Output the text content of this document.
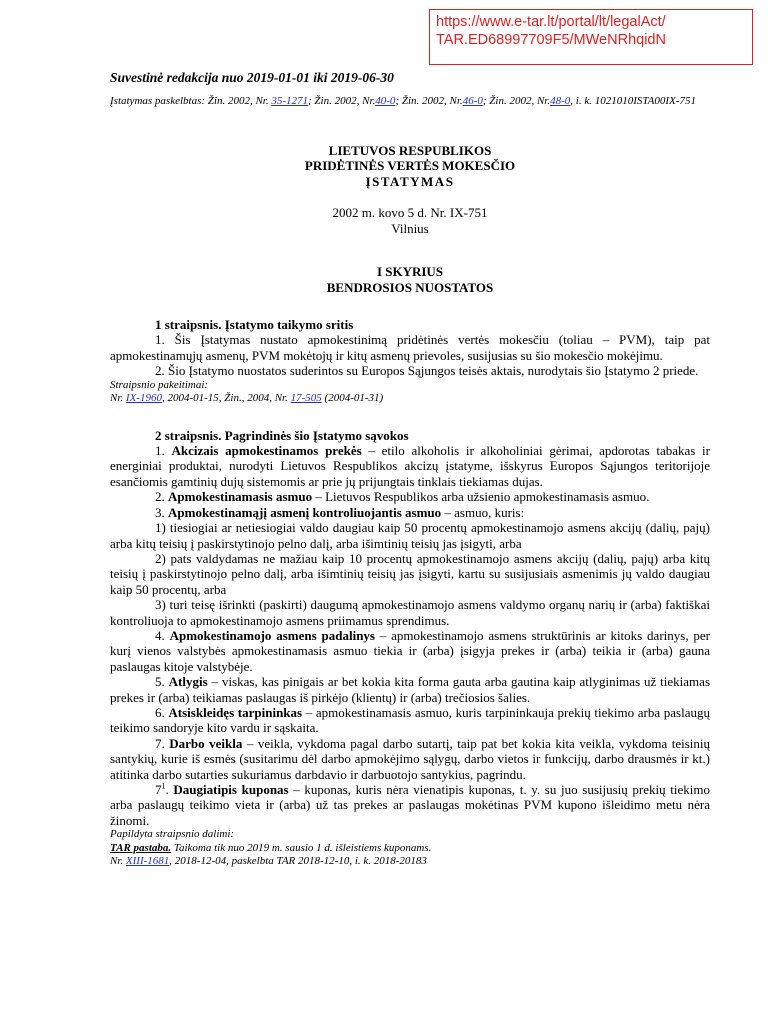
https://www.e-tar.lt/portal/lt/legalAct/
TAR.ED68997709F5/MWeNRhqidN

Suvestinė redakcija nuo 2019-01-01 iki 2019-06-30

Įstatymas paskelbtas: Žin. 2002, Nr. 35-1271; Žin. 2002, Nr.40-0; Žin. 2002, Nr.46-0; Žin. 2002, Nr.48-0, i. k. 1021010ISTA00IX-751

LIETUVOS RESPUBLIKOS
PRIDĖTINĖS VERTĖS MOKESČIO
ĮSTATYMAS
2002 m. kovo 5 d. Nr. IX-751
Vilnius
I SKYRIUS
BENDROSIOS NUOSTATOS
1 straipsnis. Įstatymo taikymo sritis

1. Šis Įstatymas nustato apmokestinimą pridėtinės vertės mokesčiu (toliau – PVM), taip pat apmokestinamųjų asmenų, PVM mokėtojų ir kitų asmenų prievoles, susijusias su šio mokesčio mokėjimu.

2. Šio Įstatymo nuostatos suderintos su Europos Sąjungos teisės aktais, nurodytais šio Įstatymo 2 priede.

Straipsnio pakeitimai:

Nr. IX-1960, 2004-01-15, Žin., 2004, Nr. 17-505 (2004-01-31)

2 straipsnis. Pagrindinės šio Įstatymo sąvokos

1. Akcizais apmokestinamos prekės – etilo alkoholis ir alkoholiniai gėrimai, apdorotas tabakas ir energiniai produktai, nurodyti Lietuvos Respublikos akcizų įstatyme, išskyrus Europos Sąjungos teritorijoje esančiomis gamtinių dujų sistemomis ar prie jų prijungtais tinklais tiekiamas dujas.

2. Apmokestinamasis asmuo – Lietuvos Respublikos arba užsienio apmokestinamasis asmuo.

3. Apmokestinamąjį asmenį kontroliuojantis asmuo – asmuo, kuris:

1) tiesiogiai ar netiesiogiai valdo daugiau kaip 50 procentų apmokestinamojo asmens akcijų (dalių, pajų) arba kitų teisių į paskirstytinojo pelno dalį, arba išimtinių teisių jas įsigyti, arba

2) pats valdydamas ne mažiau kaip 10 procentų apmokestinamojo asmens akcijų (dalių, pajų) arba kitų teisių į paskirstytinojo pelno dalį, arba išimtinių teisių jas įsigyti, kartu su susijusiais asmenimis jų valdo daugiau kaip 50 procentų, arba

3) turi teisę išrinkti (paskirti) daugumą apmokestinamojo asmens valdymo organų narių ir (arba) faktiškai kontroliuoja to apmokestinamojo asmens priimamus sprendimus.

4. Apmokestinamojo asmens padalinys – apmokestinamojo asmens struktūrinis ar kitoks darinys, per kurį vienos valstybės apmokestinamasis asmuo tiekia ir (arba) įsigyja prekes ir (arba) teikia ir (arba) gauna paslaugas kitoje valstybėje.

5. Atlygis – viskas, kas pinigais ar bet kokia kita forma gauta arba gautina kaip atlyginimas už tiekiamas prekes ir (arba) teikiamas paslaugas iš pirkėjo (klientų) ir (arba) trečiosios šalies.

6. Atsiskleidęs tarpininkas – apmokestinamasis asmuo, kuris tarpininkauja prekių tiekimo arba paslaugų teikimo sandoryje kito vardu ir sąskaita.

7. Darbo veikla – veikla, vykdoma pagal darbo sutartį, taip pat bet kokia kita veikla, vykdoma teisinių santykių, kurie iš esmės (susitarimu dėl darbo apmokėjimo sąlygų, darbo vietos ir funkcijų, darbo drausmės ir kt.) atitinka darbo sutarties sukuriamus darbdavio ir darbuotojo santykius, pagrindu.

$7^1$. Daugiatipis kuponas – kuponas, kuris nėra vienatipis kuponas, t. y. su juo susijusių prekių tiekimo arba paslaugų teikimo vieta ir (arba) už tas prekes ar paslaugas mokėtinas PVM kupono išleidimo metu nėra žinomi.

Papildyta straipsnio dalimi:

TAR pastaba. Taikoma tik nuo 2019 m. sausio 1 d. išleistiems kuponams.

Nr. XIII-1681, 2018-12-04, paskelbta TAR 2018-12-10, i. k. 2018-20183
